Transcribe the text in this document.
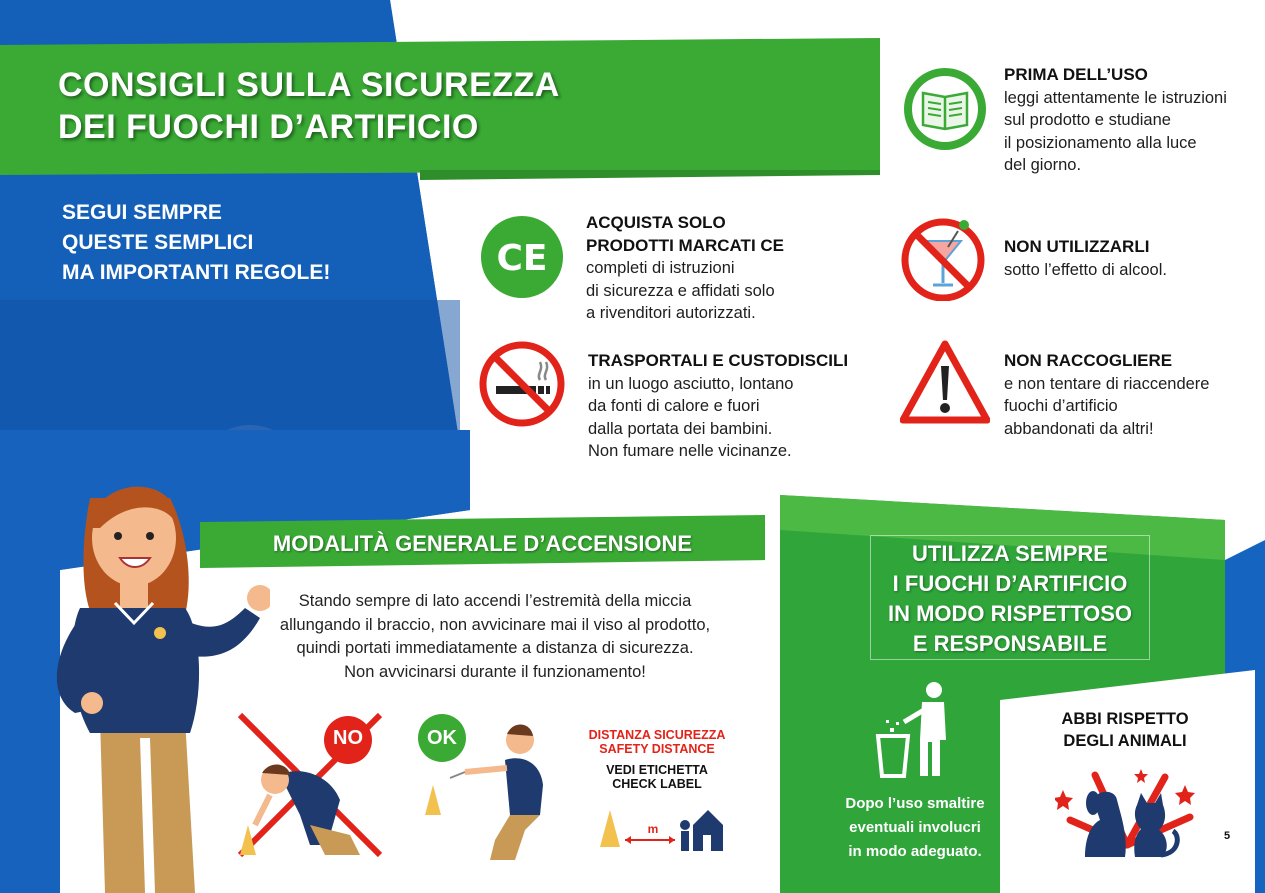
CONSIGLI SULLA SICUREZZA
DEI FUOCHI D’ARTIFICIO
SEGUI SEMPRE
QUESTE SEMPLICI
MA IMPORTANTI REGOLE!
PRIMA DELL’USO
leggi attentamente le istruzioni
sul prodotto e studiane
il posizionamento alla luce
del giorno.
CE
ACQUISTA SOLO
PRODOTTI MARCATI CE
completi di istruzioni
di sicurezza e affidati solo
a rivenditori autorizzati.
NON UTILIZZARLI
sotto l’effetto di alcool.
TRASPORTALI E CUSTODISCILI
in un luogo asciutto, lontano
da fonti di calore e fuori
dalla portata dei bambini.
Non fumare nelle vicinanze.
NON RACCOGLIERE
e non tentare di riaccendere
fuochi d’artificio
abbandonati da altri!
MODALITÀ GENERALE D’ACCENSIONE
Stando sempre di lato accendi l’estremità della miccia
allungando il braccio, non avvicinare mai il viso al prodotto,
quindi portati immediatamente a distanza di sicurezza.
Non avvicinarsi durante il funzionamento!
NO	OK	DISTANZA SICUREZZA
SAFETY DISTANCE
VEDI ETICHETTA
CHECK LABEL
m
UTILIZZA SEMPRE
I FUOCHI D’ARTIFICIO
IN MODO RISPETTOSO
E RESPONSABILE
Dopo l’uso smaltire
eventuali involucri
in modo adeguato.
ABBI RISPETTO
DEGLI ANIMALI
5
